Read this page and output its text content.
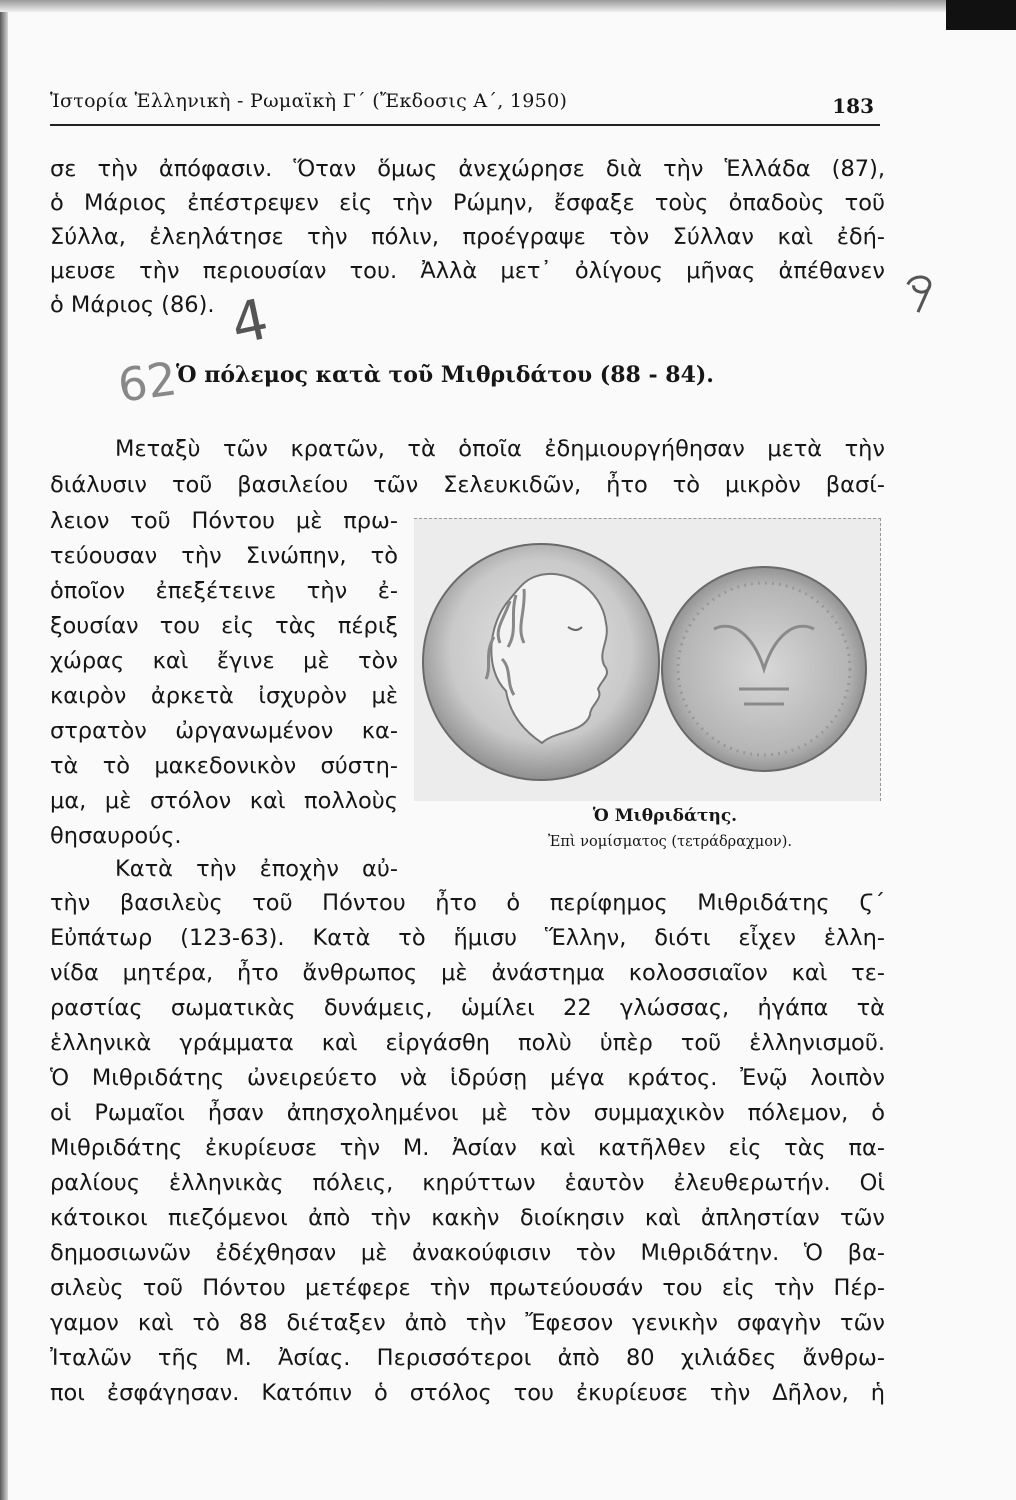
Ἱστορία Ἑλληνικὴ - Ρωμαϊκὴ Γ΄ (Ἔκδοσις Α΄, 1950)	183
σε τὴν ἀπόφασιν. Ὅταν ὅμως ἀνεχώρησε διὰ τὴν Ἑλλάδα (87),
ὁ Μάριος ἐπέστρεψεν εἰς τὴν Ρώμην, ἔσφαξε τοὺς ὀπαδοὺς τοῦ
Σύλλα, ἐλεηλάτησε τὴν πόλιν, προέγραψε τὸν Σύλλαν καὶ ἐδή-
μευσε τὴν περιουσίαν του. Ἀλλὰ μετ᾽ ὀλίγους μῆνας ἀπέθανεν
ὁ Μάριος (86). 4
62
Ὁ πόλεμος κατὰ τοῦ Μιθριδάτου (88 - 84).
Μεταξὺ τῶν κρατῶν, τὰ ὁποῖα ἐδημιουργήθησαν μετὰ τὴν
διάλυσιν τοῦ βασιλείου τῶν Σελευκιδῶν, ἦτο τὸ μικρὸν βασί-
λειον τοῦ Πόντου μὲ πρω-
τεύουσαν τὴν Σινώπην, τὸ
ὁποῖον ἐπεξέτεινε τὴν ἐ-
ξουσίαν του εἰς τὰς πέριξ
χώρας καὶ ἔγινε μὲ τὸν
καιρὸν ἀρκετὰ ἰσχυρὸν μὲ
στρατὸν ὠργανωμένον κα-
τὰ τὸ μακεδονικὸν σύστη-
μα, μὲ στόλον καὶ πολλοὺς
θησαυρούς.
Κατὰ τὴν ἐποχὴν αὐ-
τὴν βασιλεὺς τοῦ Πόντου ἦτο ὁ περίφημος Μιθριδάτης Ϛ΄
Εὐπάτωρ (123-63). Κατὰ τὸ ἥμισυ Ἕλλην, διότι εἶχεν ἑλλη-
νίδα μητέρα, ἦτο ἄνθρωπος μὲ ἀνάστημα κολοσσιαῖον καὶ τε-
ραστίας σωματικὰς δυνάμεις, ὡμίλει 22 γλώσσας, ἠγάπα τὰ
ἑλληνικὰ γράμματα καὶ εἰργάσθη πολὺ ὑπὲρ τοῦ ἑλληνισμοῦ.
Ὁ Μιθριδάτης ὠνειρεύετο νὰ ἱδρύσῃ μέγα κράτος. Ἐνῷ λοιπὸν
οἱ Ρωμαῖοι ἦσαν ἀπησχολημένοι μὲ τὸν συμμαχικὸν πόλεμον, ὁ
Μιθριδάτης ἐκυρίευσε τὴν Μ. Ἀσίαν καὶ κατῆλθεν εἰς τὰς πα-
ραλίους ἑλληνικὰς πόλεις, κηρύττων ἑαυτὸν ἐλευθερωτήν. Οἱ
κάτοικοι πιεζόμενοι ἀπὸ τὴν κακὴν διοίκησιν καὶ ἀπληστίαν τῶν
δημοσιωνῶν ἐδέχθησαν μὲ ἀνακούφισιν τὸν Μιθριδάτην. Ὁ βα-
σιλεὺς τοῦ Πόντου μετέφερε τὴν πρωτεύουσάν του εἰς τὴν Πέρ-
γαμον καὶ τὸ 88 διέταξεν ἀπὸ τὴν Ἔφεσον γενικὴν σφαγὴν τῶν
Ἰταλῶν τῆς Μ. Ἀσίας. Περισσότεροι ἀπὸ 80 χιλιάδες ἄνθρω-
ποι ἐσφάγησαν. Κατόπιν ὁ στόλος του ἐκυρίευσε τὴν Δῆλον, ἡ
Ὁ Μιθριδάτης.
Ἐπὶ νομίσματος (τετράδραχμον).
